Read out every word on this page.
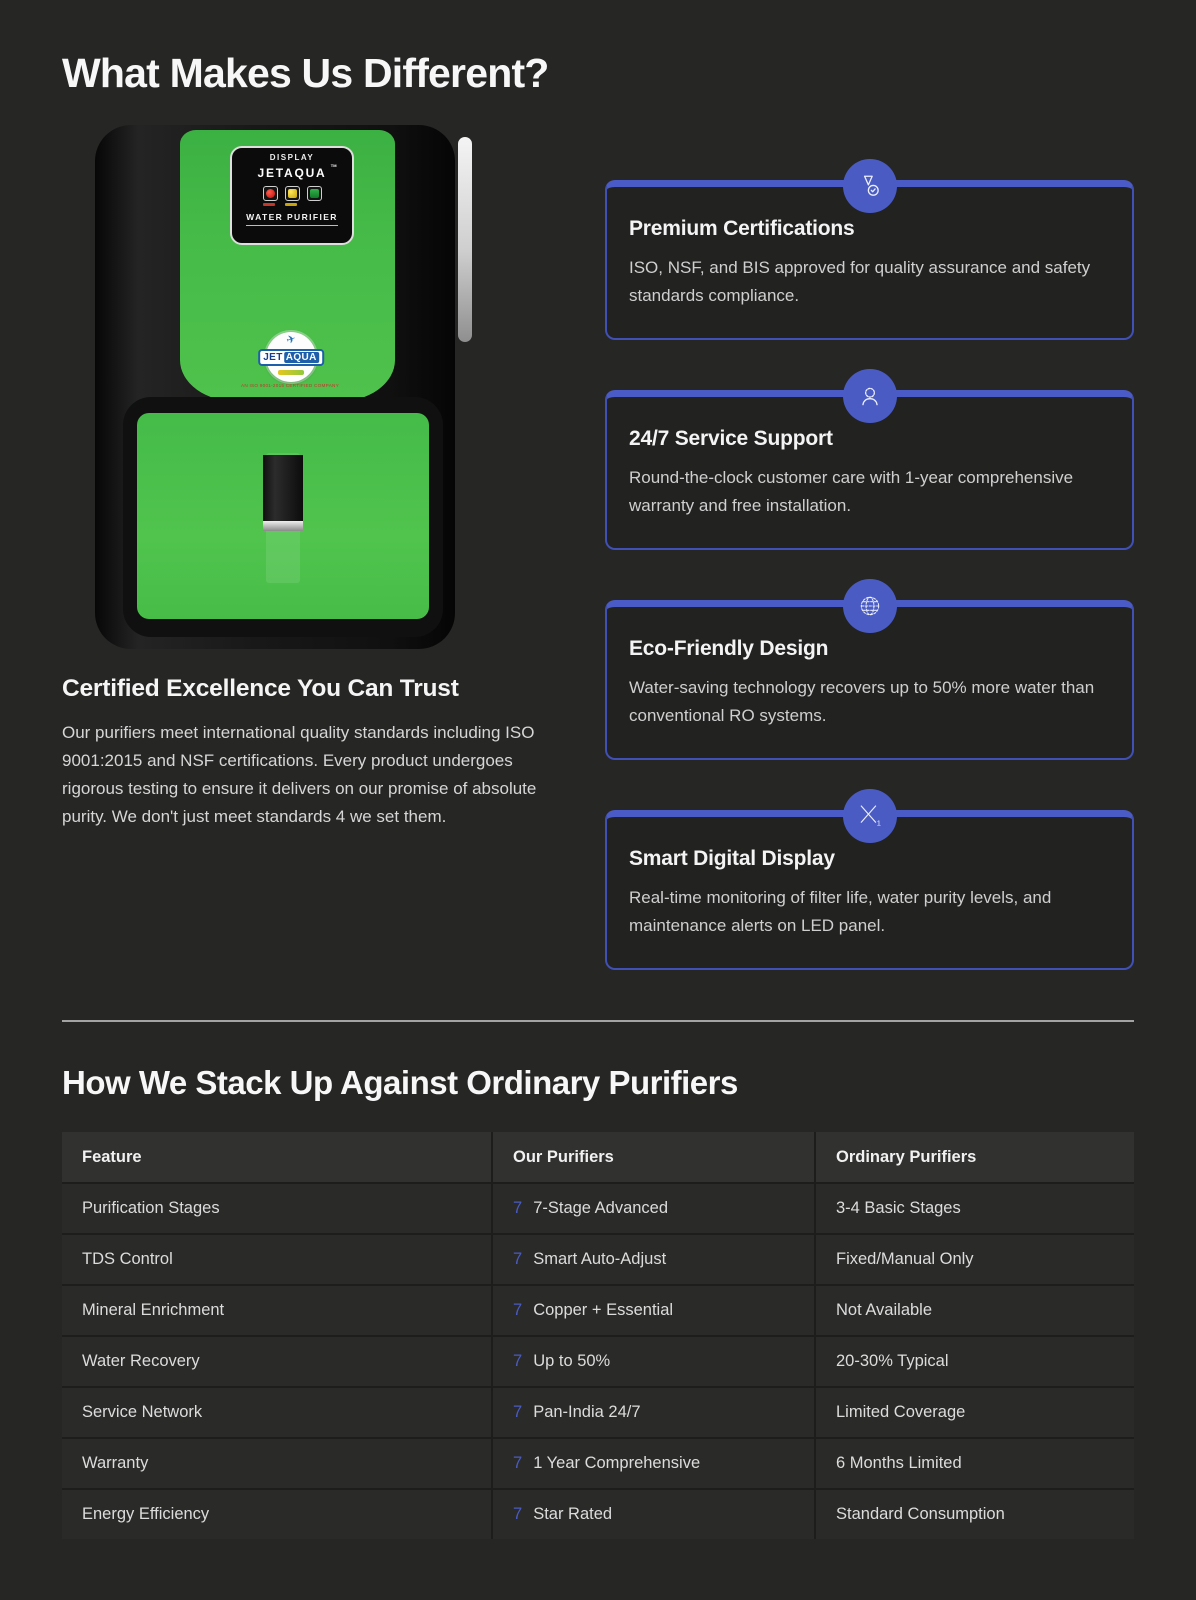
What Makes Us Different?
DISPLAY
JETAQUA
TM
WATER PURIFIER
✈
JET AQUA
AN ISO 9001-2015 CERTIFIED COMPANY
Certified Excellence You Can Trust

Our purifiers meet international quality standards including ISO 9001:2015 and NSF certifications. Every product undergoes rigorous testing to ensure it delivers on our promise of absolute purity. We don't just meet standards 4 we set them.

Premium Certifications

ISO, NSF, and BIS approved for quality assurance and safety standards compliance.

24/7 Service Support

Round-the-clock customer care with 1-year comprehensive warranty and free installation.

Eco-Friendly Design

Water-saving technology recovers up to 50% more water than conventional RO systems.

1
Smart Digital Display

Real-time monitoring of filter life, water purity levels, and maintenance alerts on LED panel.

How We Stack Up Against Ordinary Purifiers
Feature	Our Purifiers	Ordinary Purifiers
Purification Stages	7 7-Stage Advanced	3-4 Basic Stages
TDS Control	7 Smart Auto-Adjust	Fixed/Manual Only
Mineral Enrichment	7 Copper + Essential	Not Available
Water Recovery	7 Up to 50%	20-30% Typical
Service Network	7 Pan-India 24/7	Limited Coverage
Warranty	7 1 Year Comprehensive	6 Months Limited
Energy Efficiency	7 Star Rated	Standard Consumption
